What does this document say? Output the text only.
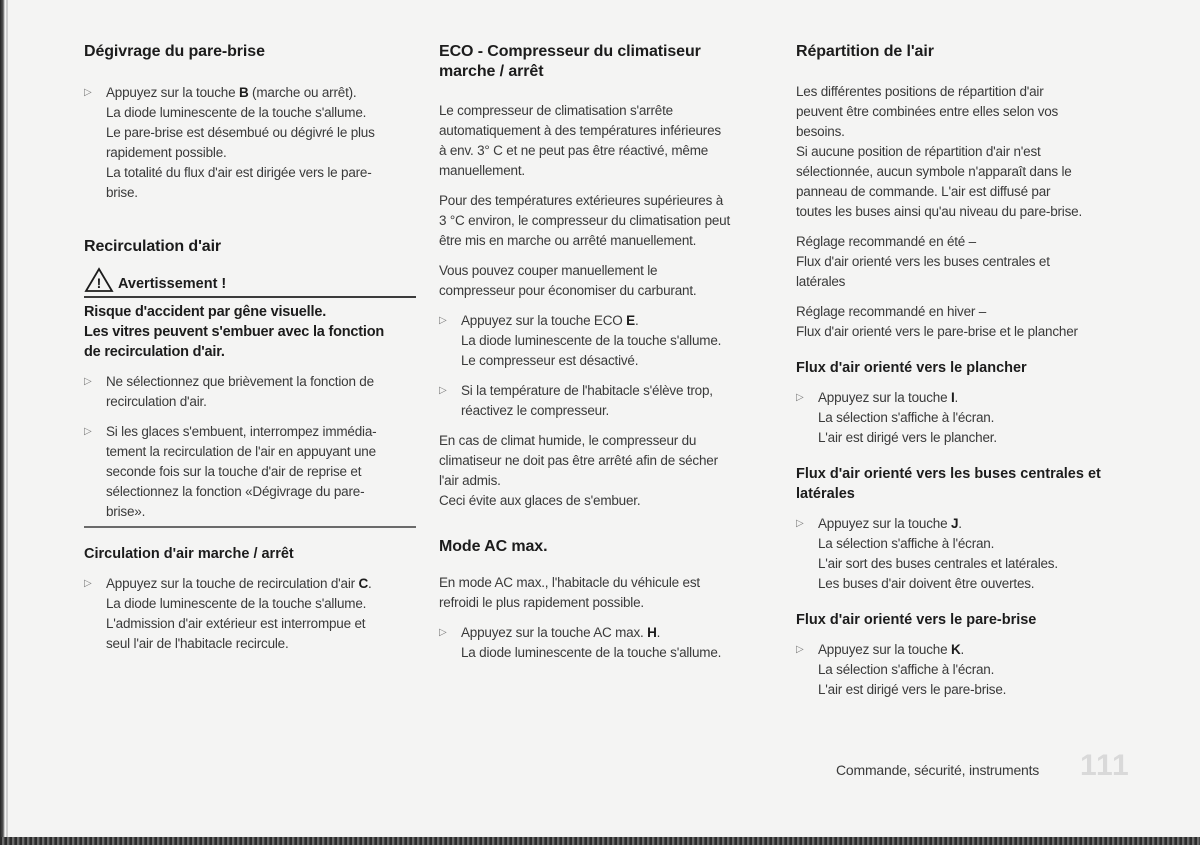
Dégivrage du pare-brise
▷ Appuyez sur la touche B (marche ou arrêt).
La diode luminescente de la touche s'allume.
Le pare-brise est désembué ou dégivré le plus
rapidement possible.
La totalité du flux d'air est dirigée vers le pare-
brise.
Recirculation d'air
! Avertissement !

Risque d'accident par gêne visuelle.

Les vitres peuvent s'embuer avec la fonction

de recirculation d'air.

▷ Ne sélectionnez que brièvement la fonction de
recirculation d'air.
▷ Si les glaces s'embuent, interrompez immédia-
tement la recirculation de l'air en appuyant une
seconde fois sur la touche d'air de reprise et
sélectionnez la fonction «Dégivrage du pare-
brise».
Circulation d'air marche / arrêt
▷ Appuyez sur la touche de recirculation d'air C.
La diode luminescente de la touche s'allume.
L'admission d'air extérieur est interrompue et
seul l'air de l'habitacle recircule.
ECO - Compresseur du climatiseur
marche / arrêt

Le compresseur de climatisation s'arrête

automatiquement à des températures inférieures

à env. 3° C et ne peut pas être réactivé, même

manuellement.

Pour des températures extérieures supérieures à

3 °C environ, le compresseur du climatisation peut

être mis en marche ou arrêté manuellement.

Vous pouvez couper manuellement le

compresseur pour économiser du carburant.

▷ Appuyez sur la touche ECO E.
La diode luminescente de la touche s'allume.
Le compresseur est désactivé.
▷ Si la température de l'habitacle s'élève trop,
réactivez le compresseur.

En cas de climat humide, le compresseur du

climatiseur ne doit pas être arrêté afin de sécher

l'air admis.

Ceci évite aux glaces de s'embuer.

Mode AC max.

En mode AC max., l'habitacle du véhicule est

refroidi le plus rapidement possible.

▷ Appuyez sur la touche AC max. H.
La diode luminescente de la touche s'allume.
Répartition de l'air

Les différentes positions de répartition d'air

peuvent être combinées entre elles selon vos

besoins.

Si aucune position de répartition d'air n'est

sélectionnée, aucun symbole n'apparaît dans le

panneau de commande. L'air est diffusé par

toutes les buses ainsi qu'au niveau du pare-brise.

Réglage recommandé en été –

Flux d'air orienté vers les buses centrales et

latérales

Réglage recommandé en hiver –

Flux d'air orienté vers le pare-brise et le plancher

Flux d'air orienté vers le plancher
▷ Appuyez sur la touche I.
La sélection s'affiche à l'écran.
L'air est dirigé vers le plancher.
Flux d'air orienté vers les buses centrales et
latérales
▷ Appuyez sur la touche J.
La sélection s'affiche à l'écran.
L'air sort des buses centrales et latérales.
Les buses d'air doivent être ouvertes.
Flux d'air orienté vers le pare-brise
▷ Appuyez sur la touche K.
La sélection s'affiche à l'écran.
L'air est dirigé vers le pare-brise.
Commande, sécurité, instruments 111
